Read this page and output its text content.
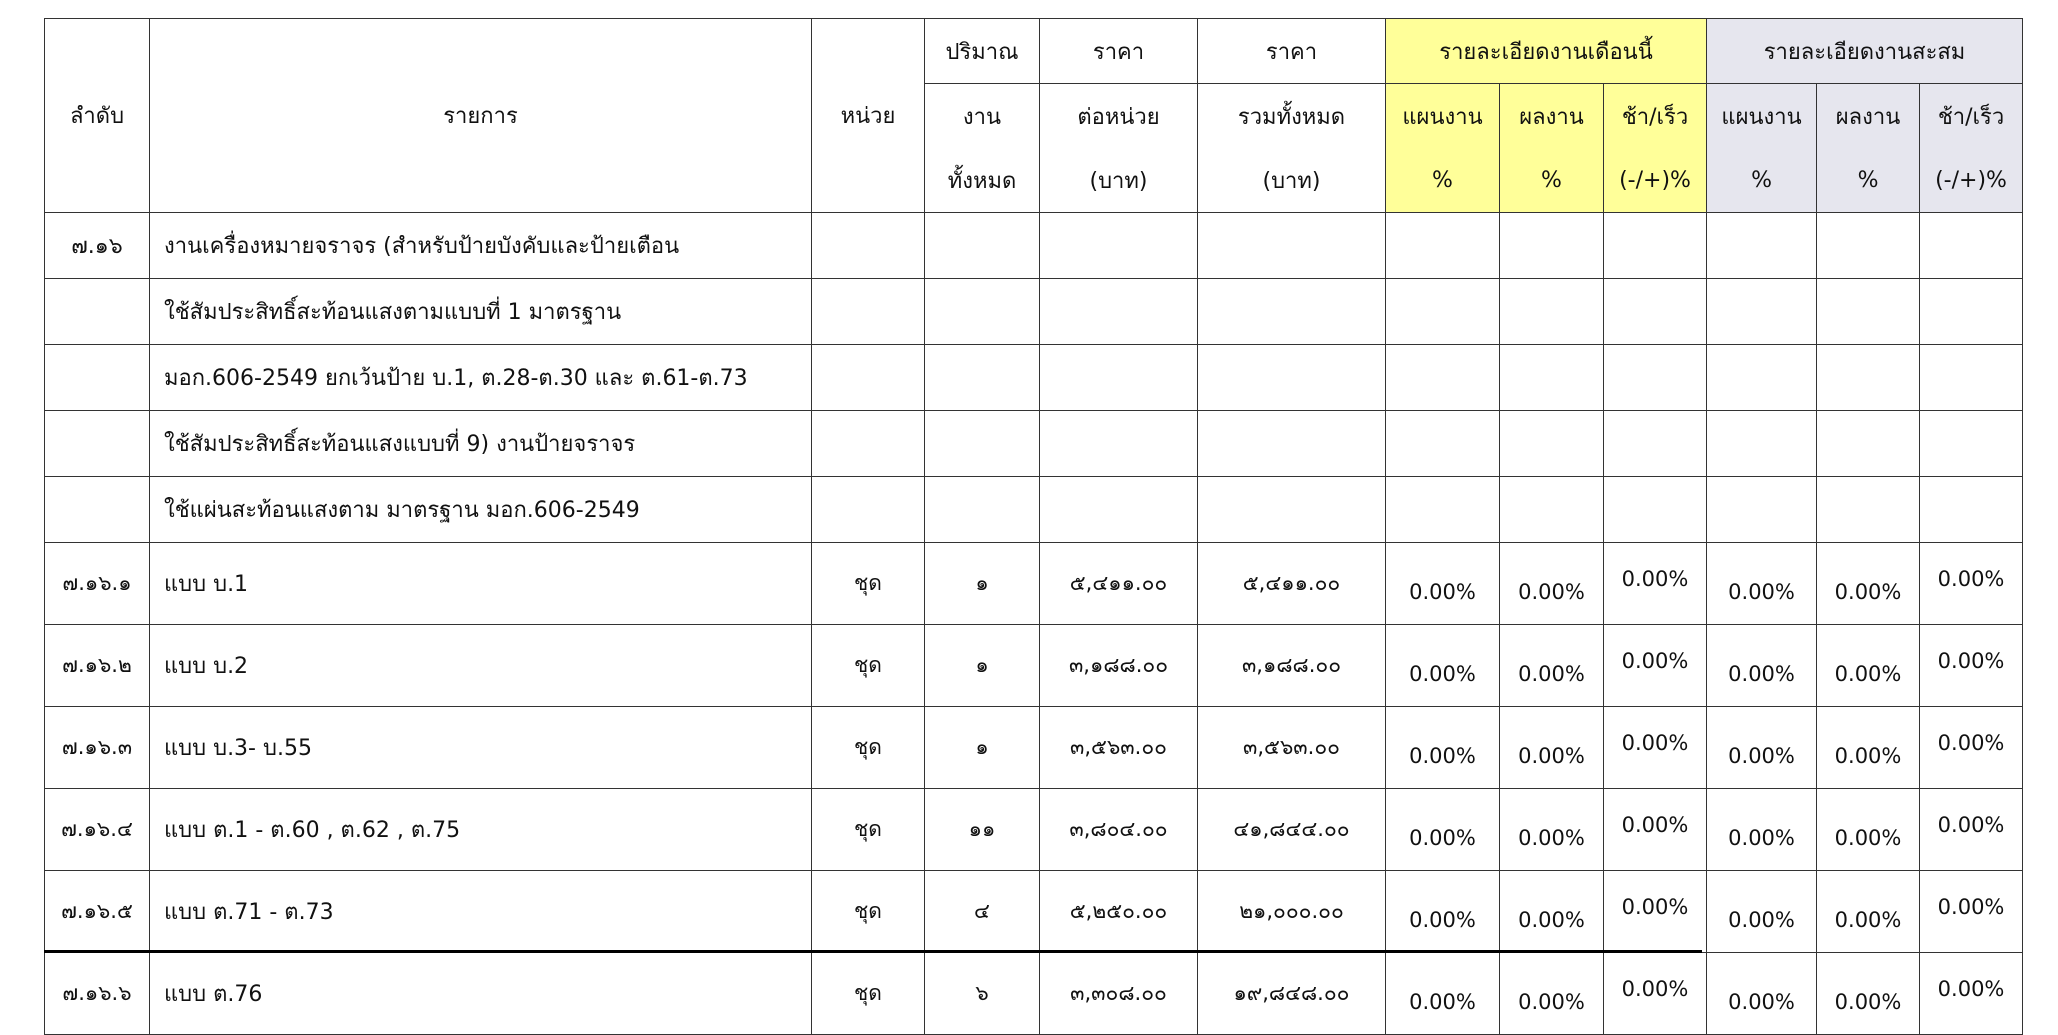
ลำดับ	รายการ	หน่วย	ปริมาณ	ราคา	ราคา	รายละเอียดงานเดือนนี้			รายละเอียดงานสะสม		
			งาน	ต่อหน่วย	รวมทั้งหมด	แผนงาน	ผลงาน	ช้า/เร็ว	แผนงาน	ผลงาน	ช้า/เร็ว
			ทั้งหมด	(บาท)	(บาท)	%	%	(-/+)%	%	%	(-/+)%
๗.๑๖	งานเครื่องหมายจราจร (สำหรับป้ายบังคับและป้ายเตือน										
	ใช้สัมประสิทธิ์สะท้อนแสงตามแบบที่ 1 มาตรฐาน										
	มอก.606-2549 ยกเว้นป้าย บ.1, ต.28-ต.30 และ ต.61-ต.73										
	ใช้สัมประสิทธิ์สะท้อนแสงแบบที่ 9) งานป้ายจราจร										
	ใช้แผ่นสะท้อนแสงตาม มาตรฐาน มอก.606-2549										
๗.๑๖.๑	แบบ บ.1	ชุด	๑	๕,๔๑๑.๐๐	๕,๔๑๑.๐๐	0.00%	0.00%	0.00%	0.00%	0.00%	0.00%
๗.๑๖.๒	แบบ บ.2	ชุด	๑	๓,๑๘๘.๐๐	๓,๑๘๘.๐๐	0.00%	0.00%	0.00%	0.00%	0.00%	0.00%
๗.๑๖.๓	แบบ บ.3- บ.55	ชุด	๑	๓,๕๖๓.๐๐	๓,๕๖๓.๐๐	0.00%	0.00%	0.00%	0.00%	0.00%	0.00%
๗.๑๖.๔	แบบ ต.1 - ต.60 , ต.62 , ต.75	ชุด	๑๑	๓,๘๐๔.๐๐	๔๑,๘๔๔.๐๐	0.00%	0.00%	0.00%	0.00%	0.00%	0.00%
๗.๑๖.๕	แบบ ต.71 - ต.73	ชุด	๔	๕,๒๕๐.๐๐	๒๑,๐๐๐.๐๐	0.00%	0.00%	0.00%	0.00%	0.00%	0.00%
๗.๑๖.๖	แบบ ต.76	ชุด	๖	๓,๓๐๘.๐๐	๑๙,๘๔๘.๐๐	0.00%	0.00%	0.00%	0.00%	0.00%	0.00%
